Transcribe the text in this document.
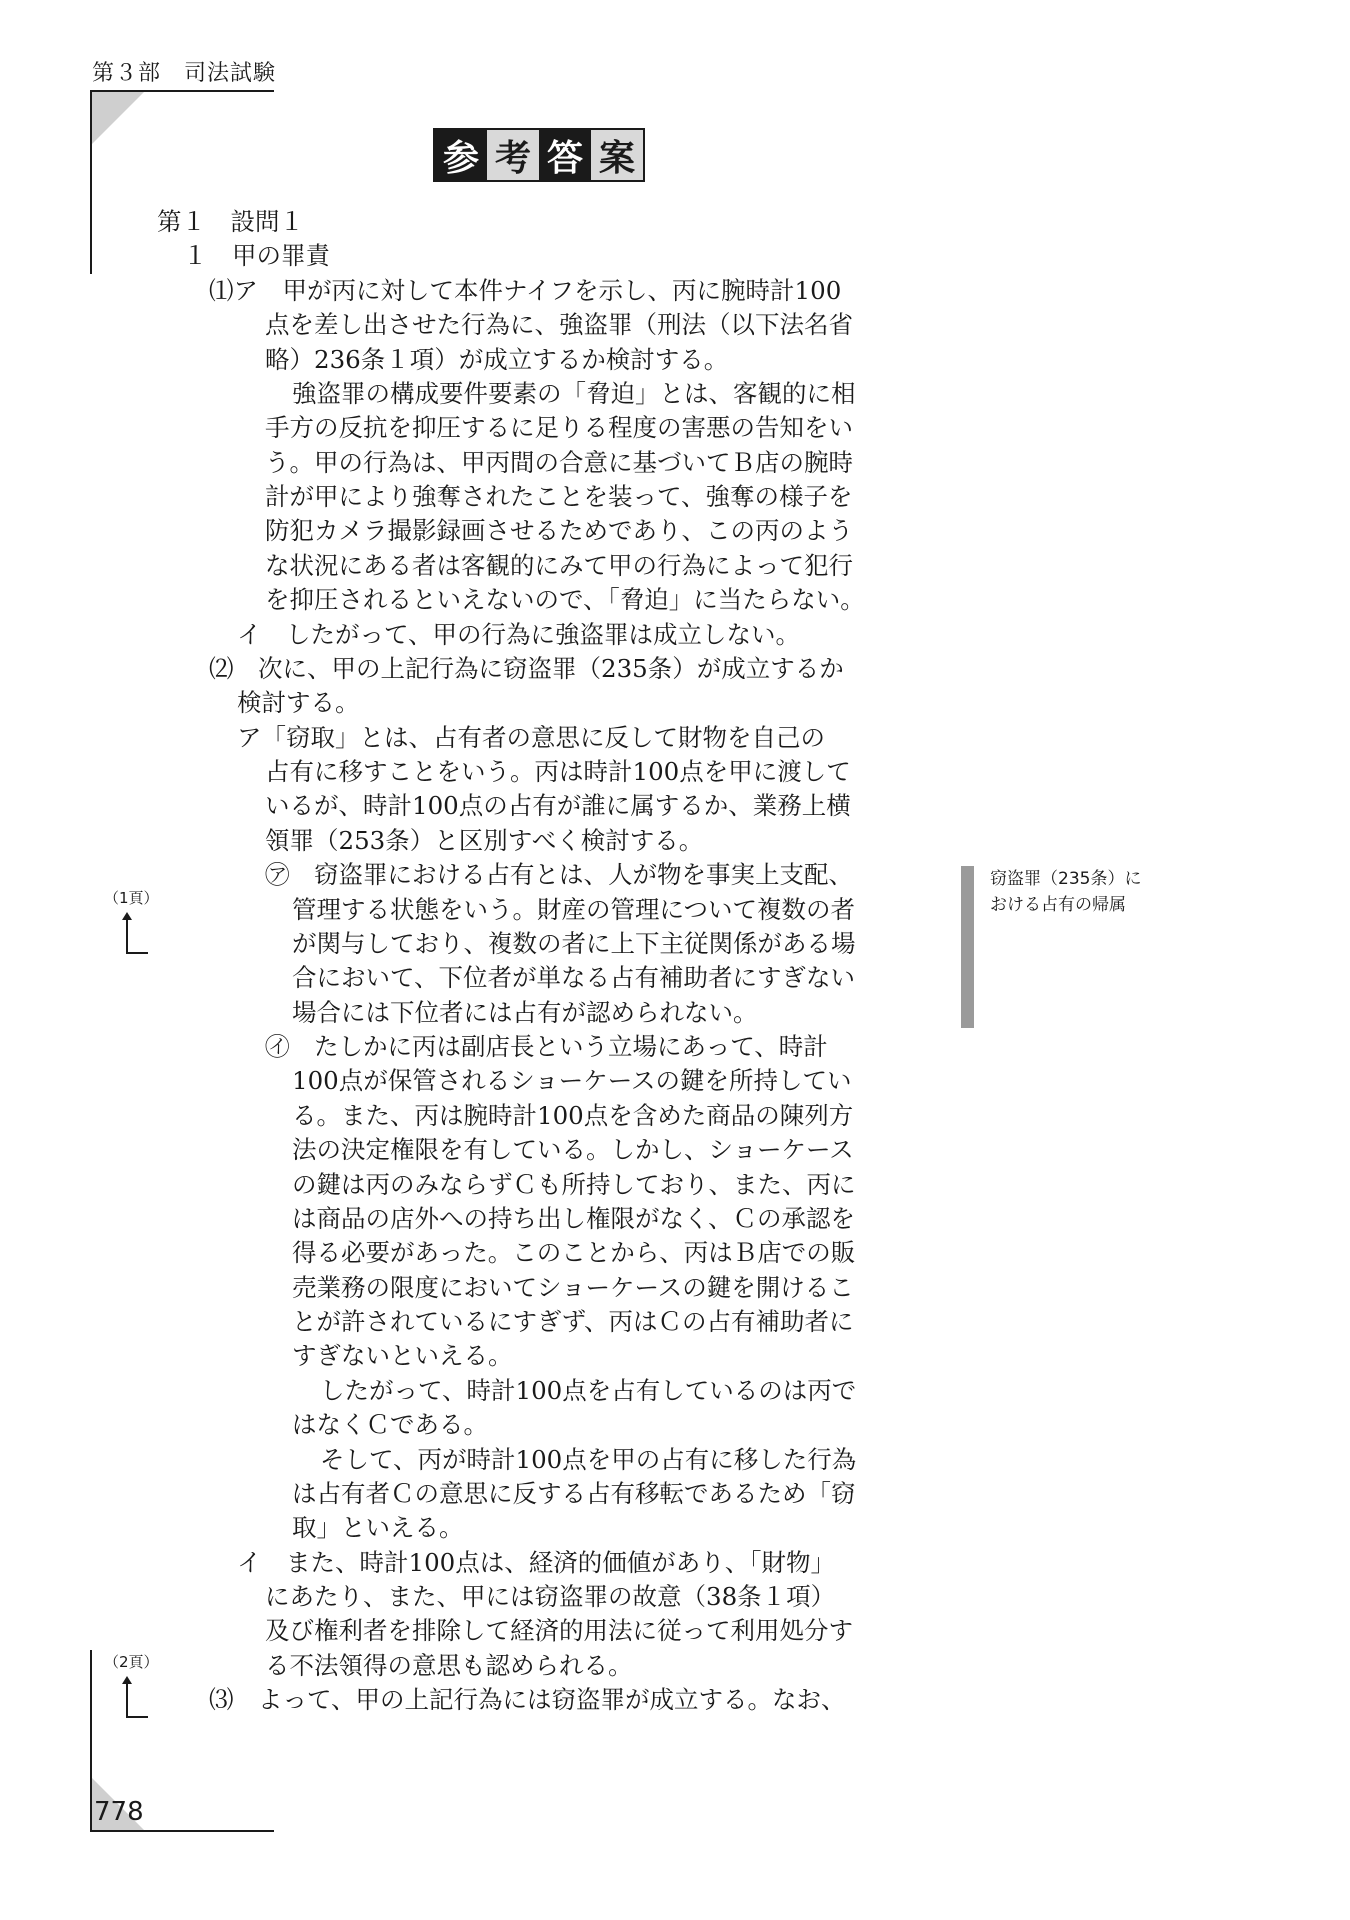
第３部　司法試験
778
参 考 答 案
第１　設問１
１　甲の罪責
⑴ア　甲が丙に対して本件ナイフを示し、丙に腕時計100
点を差し出させた行為に、強盗罪（刑法（以下法名省
略）236条１項）が成立するか検討する。
強盗罪の構成要件要素の「脅迫」とは、客観的に相
手方の反抗を抑圧するに足りる程度の害悪の告知をい
う。甲の行為は、甲丙間の合意に基づいてＢ店の腕時
計が甲により強奪されたことを装って、強奪の様子を
防犯カメラ撮影録画させるためであり、この丙のよう
な状況にある者は客観的にみて甲の行為によって犯行
を抑圧されるといえないので、「脅迫」に当たらない。
イ　したがって、甲の行為に強盗罪は成立しない。
⑵　次に、甲の上記行為に窃盗罪（235条）が成立するか
検討する。
ア「窃取」とは、占有者の意思に反して財物を自己の
占有に移すことをいう。丙は時計100点を甲に渡して
いるが、時計100点の占有が誰に属するか、業務上横
領罪（253条）と区別すべく検討する。
㋐　窃盗罪における占有とは、人が物を事実上支配、
管理する状態をいう。財産の管理について複数の者
が関与しており、複数の者に上下主従関係がある場
合において、下位者が単なる占有補助者にすぎない
場合には下位者には占有が認められない。
㋑　たしかに丙は副店長という立場にあって、時計
100点が保管されるショーケースの鍵を所持してい
る。また、丙は腕時計100点を含めた商品の陳列方
法の決定権限を有している。しかし、ショーケース
の鍵は丙のみならずＣも所持しており、また、丙に
は商品の店外への持ち出し権限がなく、Ｃの承認を
得る必要があった。このことから、丙はＢ店での販
売業務の限度においてショーケースの鍵を開けるこ
とが許されているにすぎず、丙はＣの占有補助者に
すぎないといえる。
したがって、時計100点を占有しているのは丙で
はなくＣである。
そして、丙が時計100点を甲の占有に移した行為
は占有者Ｃの意思に反する占有移転であるため「窃
取」といえる。
イ　また、時計100点は、経済的価値があり、「財物」
にあたり、また、甲には窃盗罪の故意（38条１項）
及び権利者を排除して経済的用法に従って利用処分す
る不法領得の意思も認められる。
⑶　よって、甲の上記行為には窃盗罪が成立する。なお、
（1頁）
（2頁）
窃盗罪（235条）に
おける占有の帰属
